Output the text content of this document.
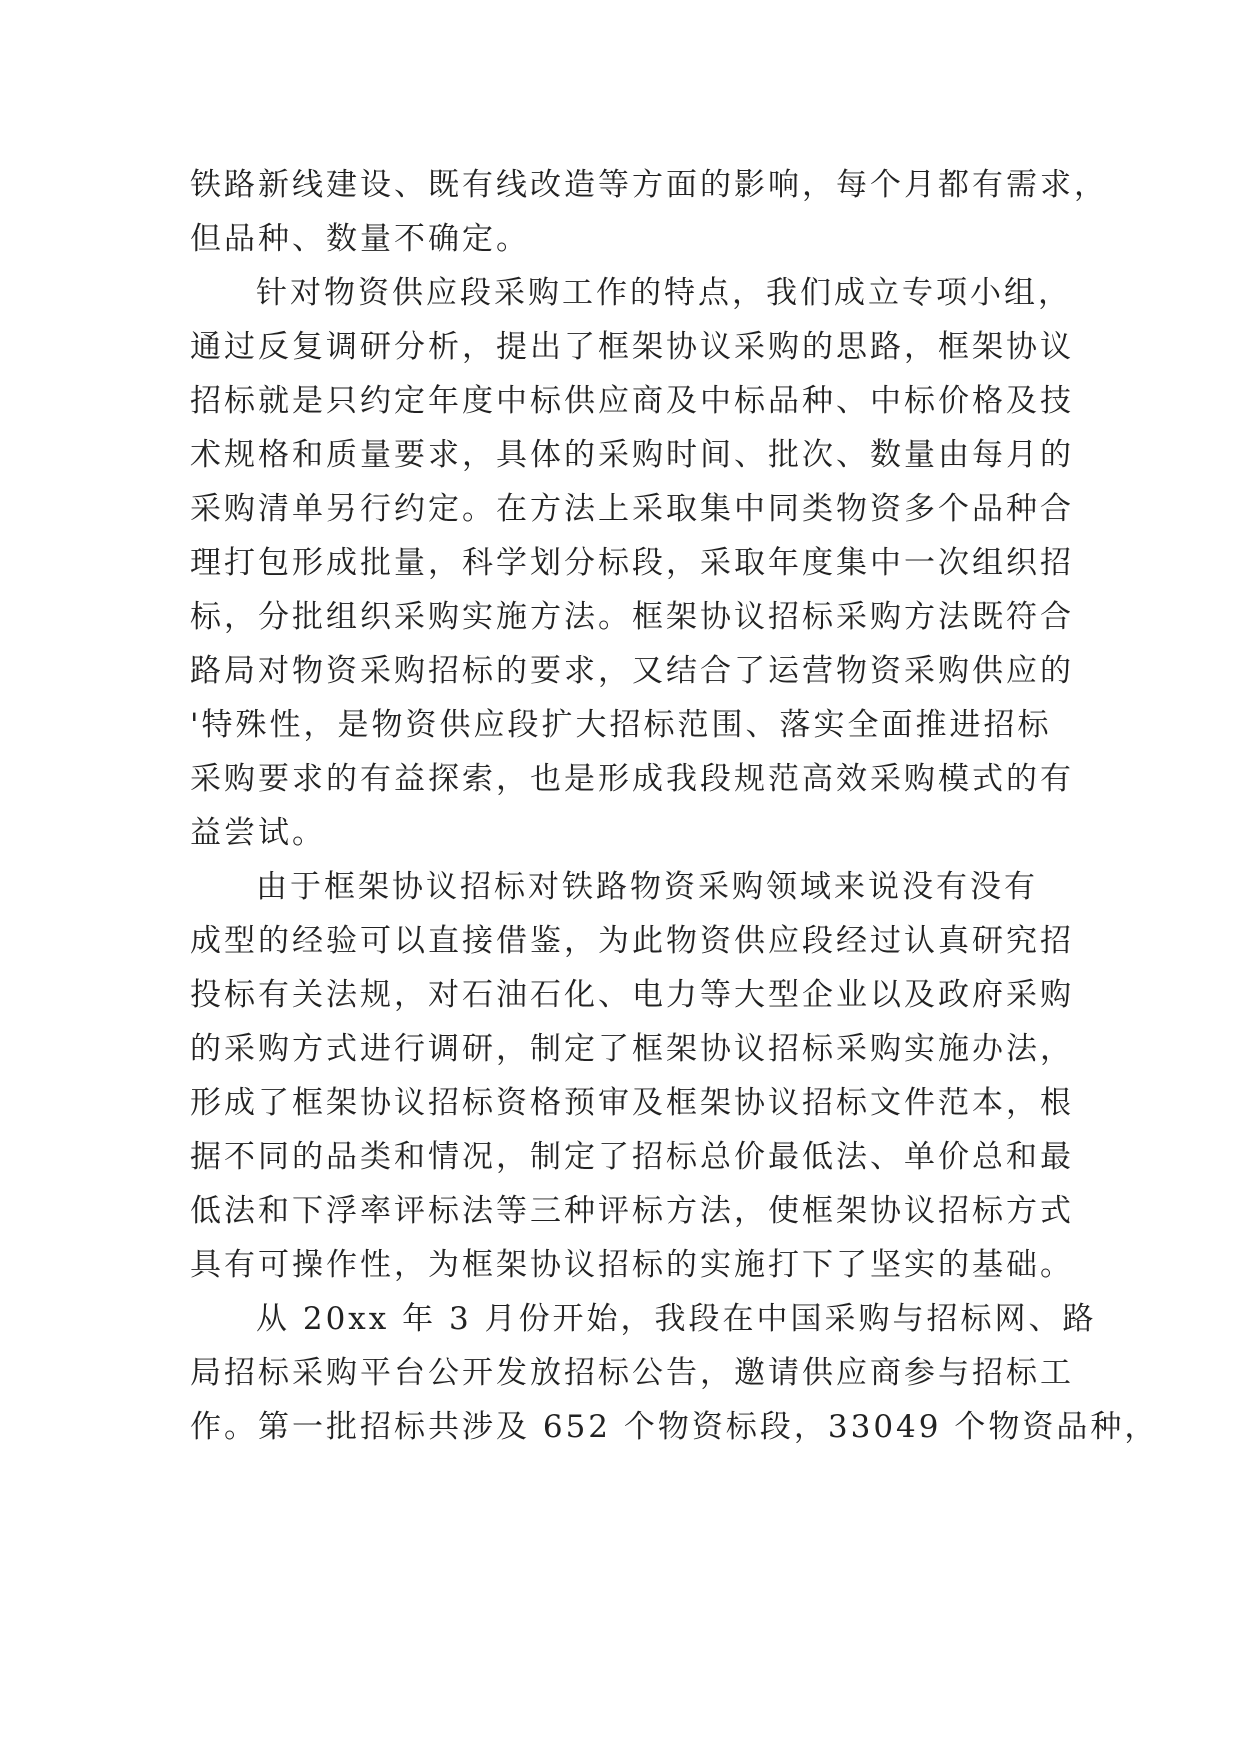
铁路新线建设、既有线改造等方面的影响，每个月都有需求，
但品种、数量不确定。
针对物资供应段采购工作的特点，我们成立专项小组，
通过反复调研分析，提出了框架协议采购的思路，框架协议
招标就是只约定年度中标供应商及中标品种、中标价格及技
术规格和质量要求，具体的采购时间、批次、数量由每月的
采购清单另行约定。在方法上采取集中同类物资多个品种合
理打包形成批量，科学划分标段，采取年度集中一次组织招
标，分批组织采购实施方法。框架协议招标采购方法既符合
路局对物资采购招标的要求，又结合了运营物资采购供应的
'特殊性，是物资供应段扩大招标范围、落实全面推进招标
采购要求的有益探索，也是形成我段规范高效采购模式的有
益尝试。
由于框架协议招标对铁路物资采购领域来说没有没有
成型的经验可以直接借鉴，为此物资供应段经过认真研究招
投标有关法规，对石油石化、电力等大型企业以及政府采购
的采购方式进行调研，制定了框架协议招标采购实施办法，
形成了框架协议招标资格预审及框架协议招标文件范本，根
据不同的品类和情况，制定了招标总价最低法、单价总和最
低法和下浮率评标法等三种评标方法，使框架协议招标方式
具有可操作性，为框架协议招标的实施打下了坚实的基础。
从 20xx 年 3 月份开始，我段在中国采购与招标网、路
局招标采购平台公开发放招标公告，邀请供应商参与招标工
作。第一批招标共涉及 652 个物资标段，33049 个物资品种，
